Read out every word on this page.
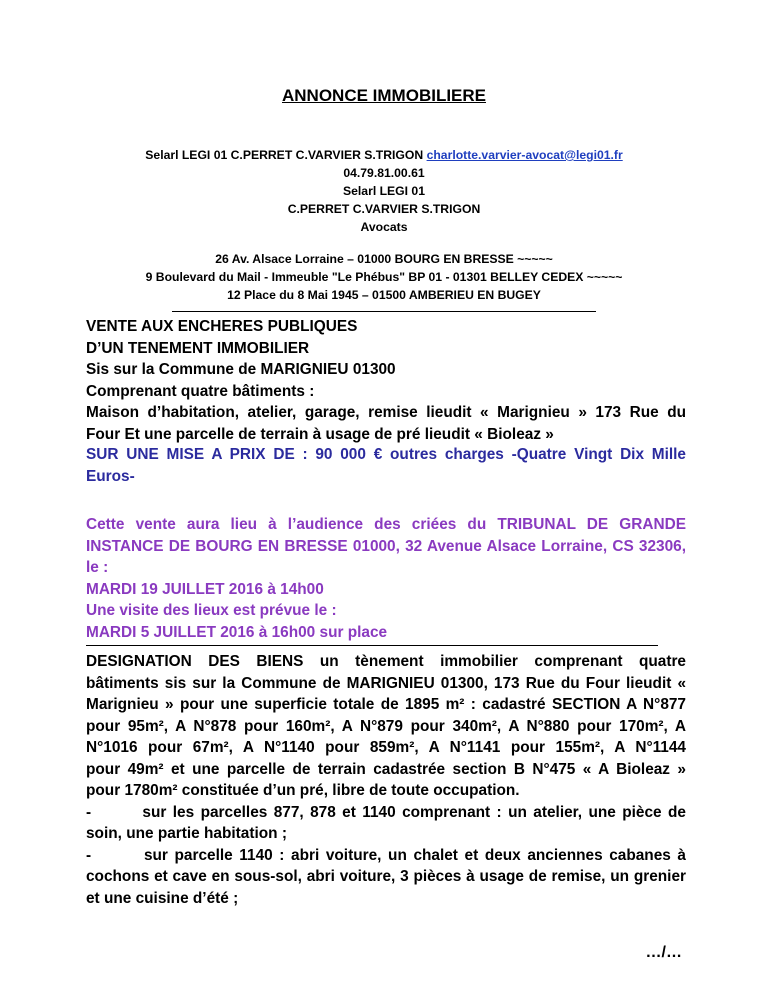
ANNONCE IMMOBILIERE
Selarl LEGI 01 C.PERRET C.VARVIER S.TRIGON charlotte.varvier-avocat@legi01.fr
04.79.81.00.61
Selarl LEGI 01
C.PERRET C.VARVIER S.TRIGON
Avocats
26 Av. Alsace Lorraine – 01000 BOURG EN BRESSE ~~~~~
9 Boulevard du Mail - Immeuble "Le Phébus" BP 01 - 01301 BELLEY CEDEX ~~~~~
12 Place du 8 Mai 1945 – 01500 AMBERIEU EN BUGEY
VENTE AUX ENCHERES PUBLIQUES
D’UN TENEMENT IMMOBILIER
Sis sur la Commune de MARIGNIEU 01300
Comprenant quatre bâtiments :
Maison d’habitation, atelier, garage, remise lieudit « Marignieu » 173 Rue du
Four Et une parcelle de terrain à usage de pré lieudit « Bioleaz »
SUR UNE MISE A PRIX DE : 90 000 € outres charges -Quatre Vingt Dix Mille
Euros-
Cette vente aura lieu à l’audience des criées du TRIBUNAL DE GRANDE
INSTANCE DE BOURG EN BRESSE 01000, 32 Avenue Alsace Lorraine, CS 32306,
le :
MARDI 19 JUILLET 2016 à 14h00
Une visite des lieux est prévue le :
MARDI 5 JUILLET 2016 à 16h00 sur place
DESIGNATION DES BIENS un tènement immobilier comprenant quatre
bâtiments sis sur la Commune de MARIGNIEU 01300, 173 Rue du Four lieudit «
Marignieu » pour une superficie totale de 1895 m² : cadastré SECTION A N°877
pour 95m², A N°878 pour 160m², A N°879 pour 340m², A N°880 pour 170m², A
N°1016 pour 67m², A N°1140 pour 859m², A N°1141 pour 155m², A N°1144
pour 49m² et une parcelle de terrain cadastrée section B N°475 « A Bioleaz »
pour 1780m² constituée d’un pré, libre de toute occupation.
-        sur les parcelles 877, 878 et 1140 comprenant : un atelier, une pièce de
soin, une partie habitation ;
-        sur parcelle 1140 : abri voiture, un chalet et deux anciennes cabanes à
cochons et cave en sous-sol, abri voiture, 3 pièces à usage de remise, un grenier
et une cuisine d’été ;
…/…
